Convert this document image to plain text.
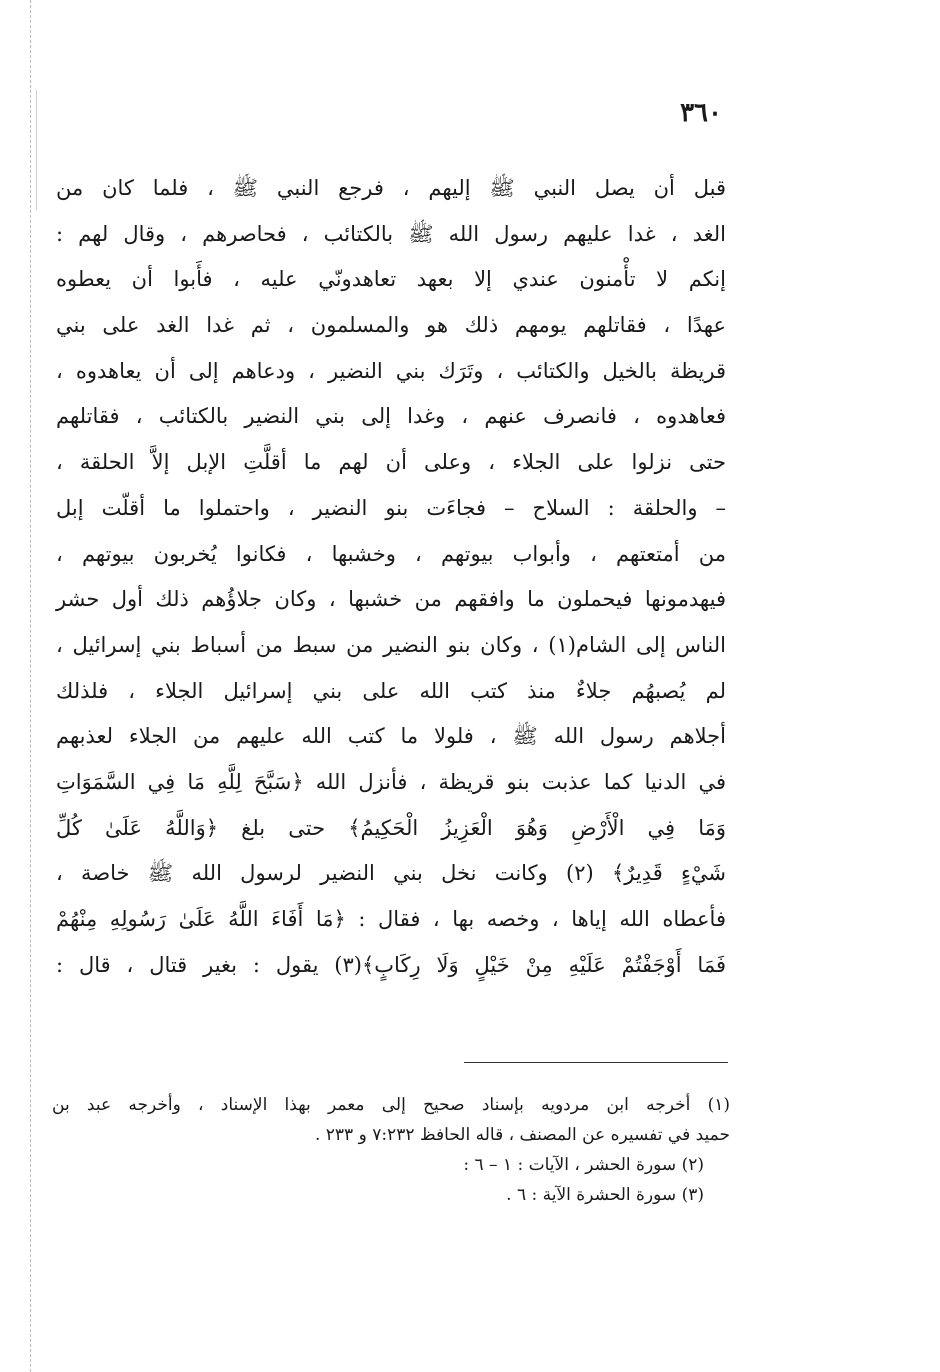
٣٦٠
قبل أن يصل النبي ﷺ إليهم ، فرجع النبي ﷺ ، فلما كان من
الغد ، غدا عليهم رسول الله ﷺ بالكتائب ، فحاصرهم ، وقال لهم :
إنكم لا تأْمنون عندي إلا بعهد تعاهدونّي عليه ، فأَبوا أن يعطوه
عهدًا ، فقاتلهم يومهم ذلك هو والمسلمون ، ثم غدا الغد على بني
قريظة بالخيل والكتائب ، وتَرَك بني النضير ، ودعاهم إلى أن يعاهدوه ،
فعاهدوه ، فانصرف عنهم ، وغدا إلى بني النضير بالكتائب ، فقاتلهم
حتى نزلوا على الجلاء ، وعلى أن لهم ما أقلَّتِ الإبل إلاَّ الحلقة ،
– والحلقة : السلاح – فجاءَت بنو النضير ، واحتملوا ما أقلّت إبل
من أمتعتهم ، وأبواب بيوتهم ، وخشبها ، فكانوا يُخربون بيوتهم ،
فيهدمونها فيحملون ما وافقهم من خشبها ، وكان جلاؤُهم ذلك أول حشر
الناس إلى الشام(١) ، وكان بنو النضير من سبط من أسباط بني إسرائيل ،
لم يُصبهُم جلاءٌ منذ كتب الله على بني إسرائيل الجلاء ، فلذلك
أجلاهم رسول الله ﷺ ، فلولا ما كتب الله عليهم من الجلاء لعذبهم
في الدنيا كما عذبت بنو قريظة ، فأنزل الله ﴿سَبَّحَ لِلَّهِ مَا فِي السَّمَوَاتِ
وَمَا فِي الْأَرْضِ وَهُوَ الْعَزِيزُ الْحَكِيمُ﴾ حتى بلغ ﴿وَاللَّهُ عَلَىٰ كُلِّ
شَيْءٍ قَدِيرٌ﴾ (٢) وكانت نخل بني النضير لرسول الله ﷺ خاصة ،
فأعطاه الله إياها ، وخصه بها ، فقال : ﴿مَا أَفَاءَ اللَّهُ عَلَىٰ رَسُولِهِ مِنْهُمْ
فَمَا أَوْجَفْتُمْ عَلَيْهِ مِنْ خَيْلٍ وَلَا رِكَابٍ﴾(٣) يقول : بغير قتال ، قال :
(١) أخرجه ابن مردويه بإسناد صحيح إلى معمر بهذا الإسناد ، وأخرجه عبد بن
حميد في تفسيره عن المصنف ، قاله الحافظ ٧:٢٣٢ و ٢٣٣ .
(٢) سورة الحشر ، الآيات : ١ – ٦ :
(٣) سورة الحشرة الآية : ٦ .
